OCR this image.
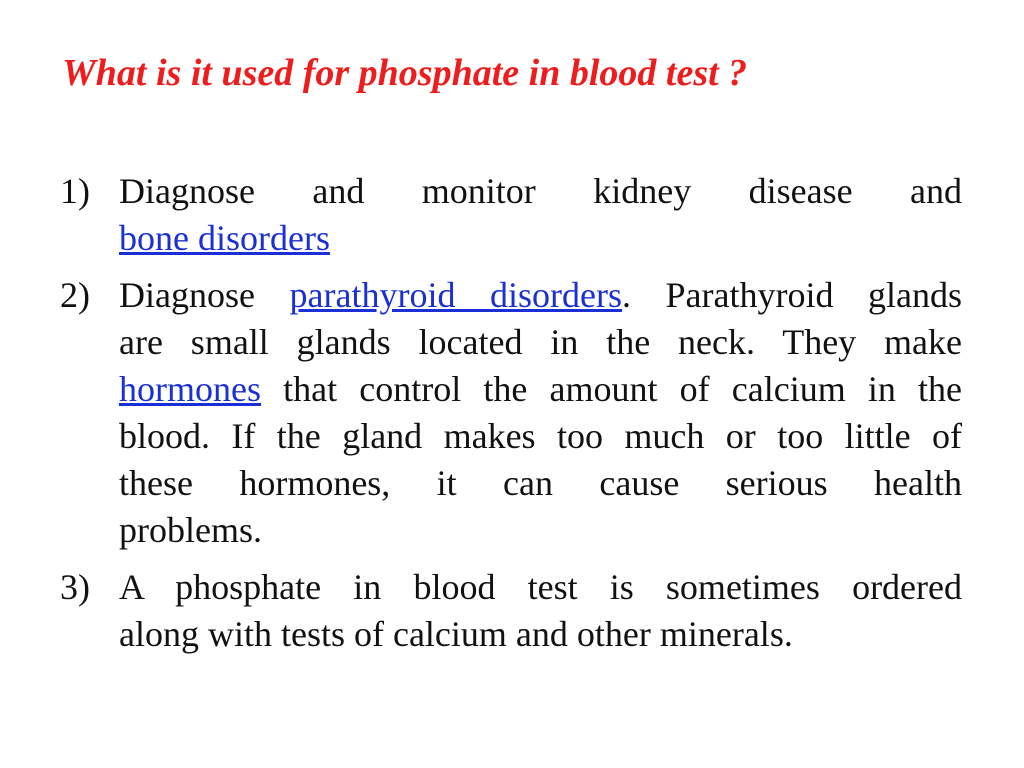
What is it used for phosphate in blood test ?
1) Diagnose and monitor kidney disease and
bone disorders
2) Diagnose parathyroid disorders. Parathyroid glands
are small glands located in the neck. They make
hormones that control the amount of calcium in the
blood. If the gland makes too much or too little of
these hormones, it can cause serious health
problems.
3) A phosphate in blood test is sometimes ordered
along with tests of calcium and other minerals.
